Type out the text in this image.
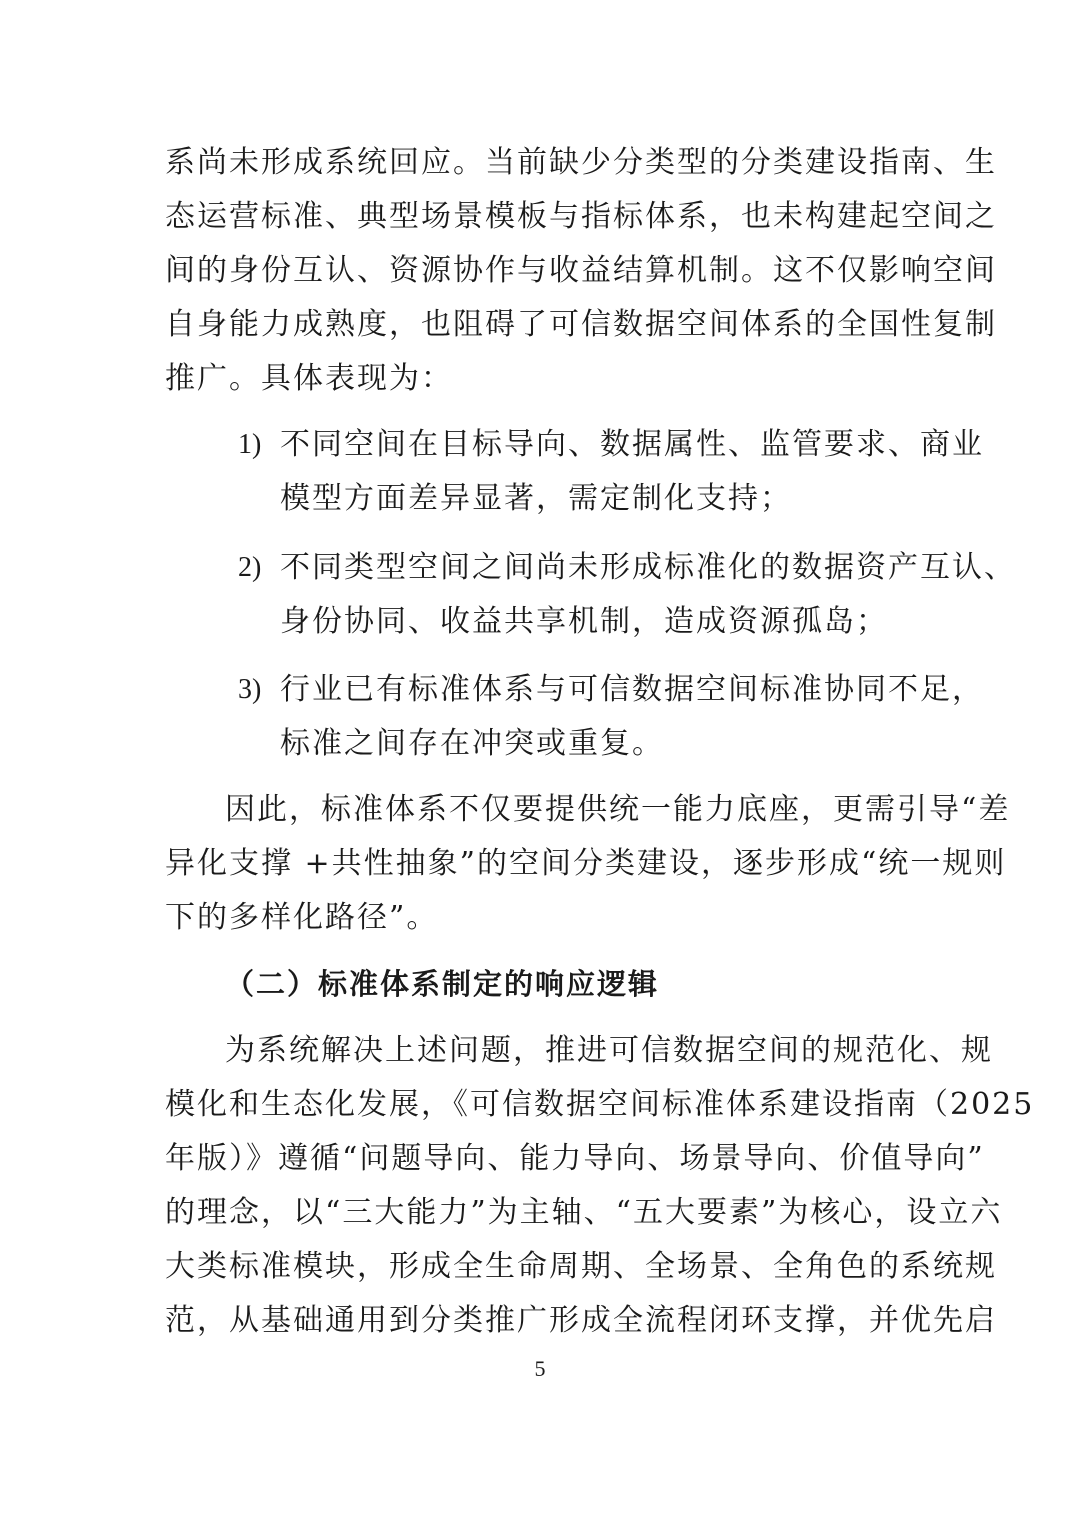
系尚未形成系统回应。当前缺少分类型的分类建设指南、生
态运营标准、典型场景模板与指标体系，也未构建起空间之
间的身份互认、资源协作与收益结算机制。这不仅影响空间
自身能力成熟度，也阻碍了可信数据空间体系的全国性复制
推广。具体表现为：
1) 不同空间在目标导向、数据属性、监管要求、商业
模型方面差异显著，需定制化支持；
2) 不同类型空间之间尚未形成标准化的数据资产互认、
身份协同、收益共享机制，造成资源孤岛；
3) 行业已有标准体系与可信数据空间标准协同不足，
标准之间存在冲突或重复。
因此，标准体系不仅要提供统一能力底座，更需引导“差
异化支撑 +共性抽象”的空间分类建设，逐步形成“统一规则
下的多样化路径”。
（二）标准体系制定的响应逻辑
为系统解决上述问题，推进可信数据空间的规范化、规
模化和生态化发展，《可信数据空间标准体系建设指南（2025
年版）》遵循“问题导向、能力导向、场景导向、价值导向”
的理念，以“三大能力”为主轴、“五大要素”为核心，设立六
大类标准模块，形成全生命周期、全场景、全角色的系统规
范，从基础通用到分类推广形成全流程闭环支撑，并优先启
5
